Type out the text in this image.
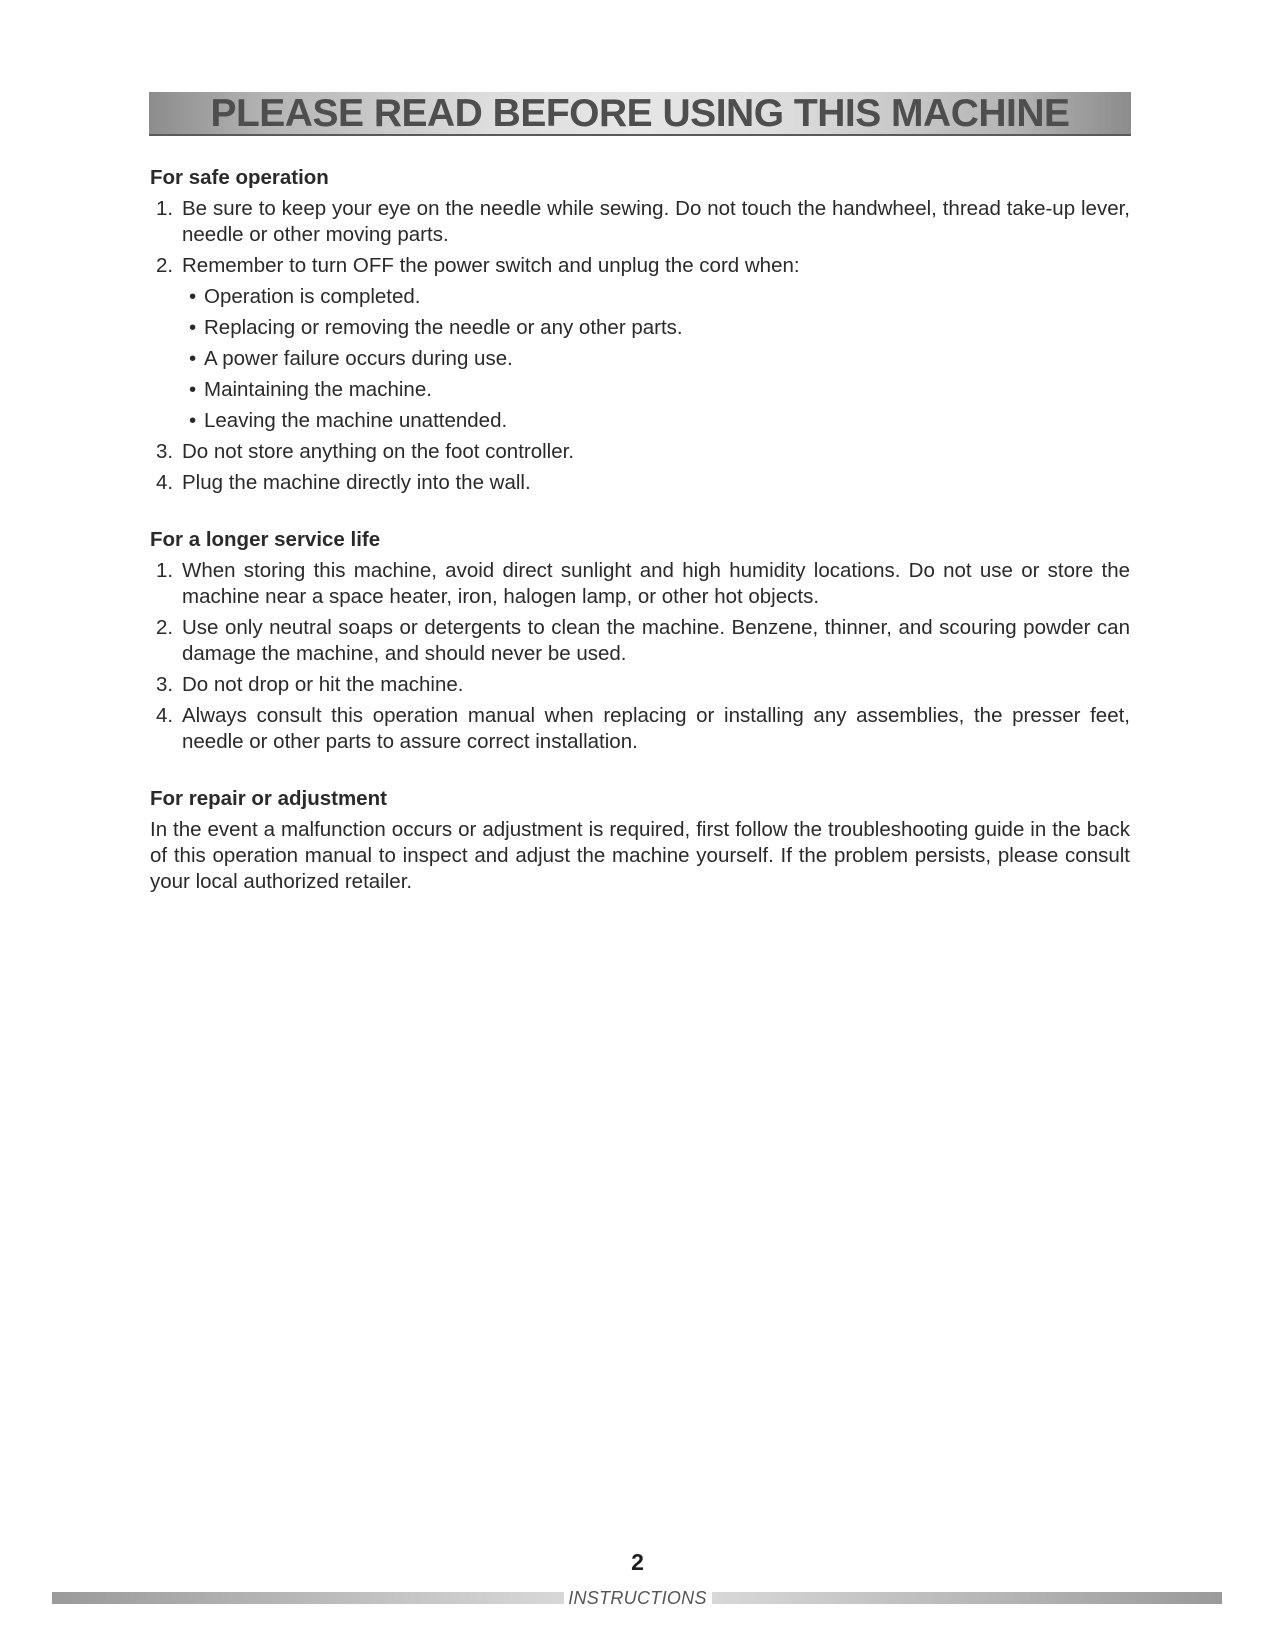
PLEASE READ BEFORE USING THIS MACHINE
For safe operation
1. Be sure to keep your eye on the needle while sewing. Do not touch the handwheel, thread take-up lever, needle or other moving parts.
2. Remember to turn OFF the power switch and unplug the cord when:
• Operation is completed.
• Replacing or removing the needle or any other parts.
• A power failure occurs during use.
• Maintaining the machine.
• Leaving the machine unattended.
3. Do not store anything on the foot controller.
4. Plug the machine directly into the wall.
For a longer service life
1. When storing this machine, avoid direct sunlight and high humidity locations. Do not use or store the machine near a space heater, iron, halogen lamp, or other hot objects.
2. Use only neutral soaps or detergents to clean the machine. Benzene, thinner, and scouring powder can damage the machine, and should never be used.
3. Do not drop or hit the machine.
4. Always consult this operation manual when replacing or installing any assemblies, the presser feet, needle or other parts to assure correct installation.
For repair or adjustment

In the event a malfunction occurs or adjustment is required, first follow the troubleshooting guide in the back of this operation manual to inspect and adjust the machine yourself. If the problem persists, please consult your local authorized retailer.

2
INSTRUCTIONS
